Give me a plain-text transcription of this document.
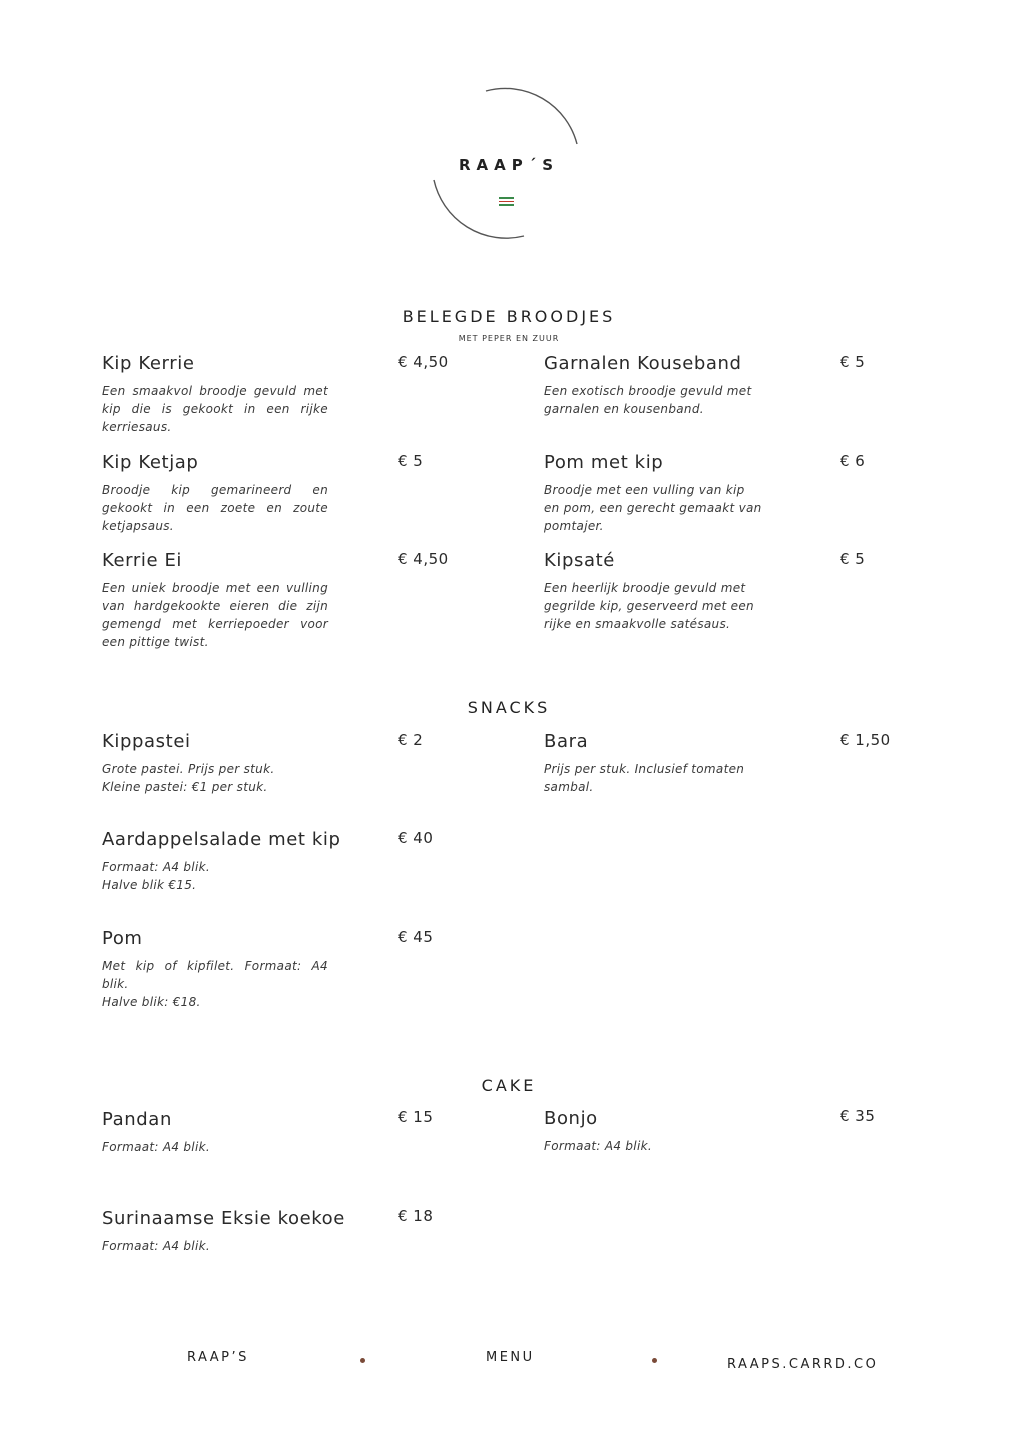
RAAP´S
BELEGDE BROODJES
MET PEPER EN ZUUR
Kip Kerrie
Een smaakvol broodje gevuld met kip die is gekookt in een rijke kerriesaus.
€ 4,50	Garnalen Kouseband
Een exotisch broodje gevuld met
garnalen en kousenband.
€ 5
Kip Ketjap
Broodje kip gemarineerd en gekookt in een zoete en zoute ketjapsaus.
€ 5	Pom met kip
Broodje met een vulling van kip
en pom, een gerecht gemaakt van
pomtajer.
€ 6
Kerrie Ei
Een uniek broodje met een vulling van hardgekookte eieren die zijn gemengd met kerriepoeder voor een pittige twist.
€ 4,50	Kipsaté
Een heerlijk broodje gevuld met
gegrilde kip, geserveerd met een
rijke en smaakvolle satésaus.
€ 5
SNACKS
Kippastei
Grote pastei. Prijs per stuk.
Kleine pastei: €1 per stuk.
€ 2	Bara
Prijs per stuk. Inclusief tomaten
sambal.
€ 1,50
Aardappelsalade met kip
Formaat: A4 blik.
Halve blik €15.
€ 40
Pom
Met kip of kipfilet. Formaat: A4 blik.
Halve blik: €18.
€ 45
CAKE
Pandan
Formaat: A4 blik.
€ 15	Bonjo
Formaat: A4 blik.
€ 35
Surinaamse Eksie koekoe
Formaat: A4 blik.
€ 18
RAAP’S	MENU	RAAPS.CARRD.CO
